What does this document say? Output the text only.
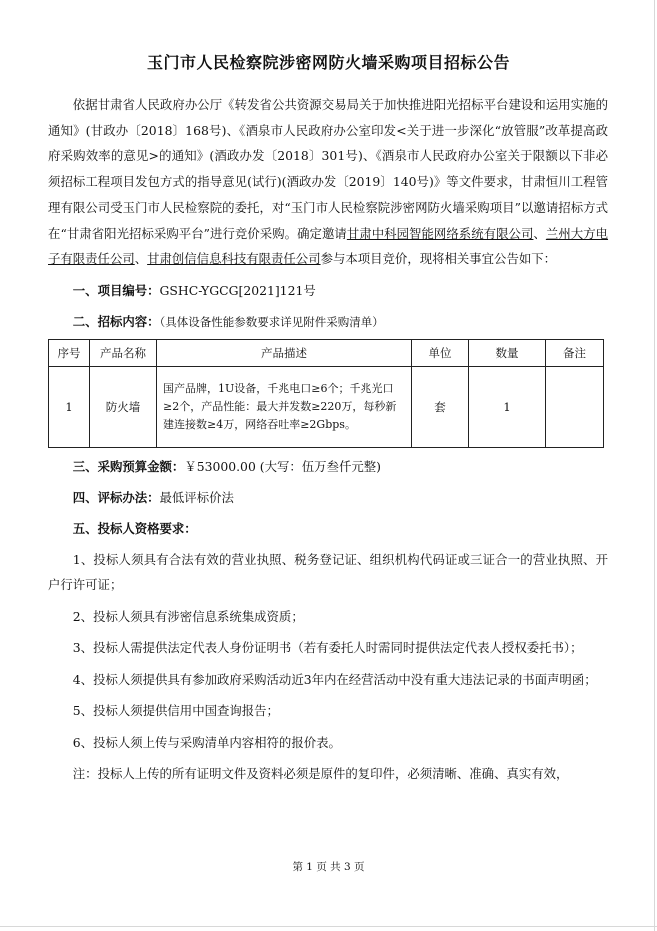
玉门市人民检察院涉密网防火墙采购项目招标公告

依据甘肃省人民政府办公厅《转发省公共资源交易局关于加快推进阳光招标平台建设和运用实施的通知》(甘政办〔2018〕168号)、《酒泉市人民政府办公室印发<关于进一步深化“放管服”改革提高政府采购效率的意见>的通知》(酒政办发〔2018〕301号)、《酒泉市人民政府办公室关于限额以下非必须招标工程项目发包方式的指导意见(试行)(酒政办发〔2019〕140号)》等文件要求，甘肃恒川工程管理有限公司受玉门市人民检察院的委托，对“玉门市人民检察院涉密网防火墙采购项目”以邀请招标方式在“甘肃省阳光招标采购平台”进行竞价采购。确定邀请甘肃中科园智能网络系统有限公司、兰州大方电子有限责任公司、甘肃创信信息科技有限责任公司参与本项目竞价，现将相关事宜公告如下：

一、项目编号：GSHC-YGCG[2021]121号

二、招标内容：（具体设备性能参数要求详见附件采购清单）

序号	产品名称	产品描述	单位	数量	备注
1	防火墙	国产品牌，1U设备，千兆电口≥6个；千兆光口≥2个，产品性能：最大并发数≥220万，每秒新建连接数≥4万，网络吞吐率≥2Gbps。	套	1	

三、采购预算金额：￥53000.00 (大写：伍万叁仟元整)

四、评标办法：最低评标价法

五、投标人资格要求：

1、投标人须具有合法有效的营业执照、税务登记证、组织机构代码证或三证合一的营业执照、开户行许可证；

2、投标人须具有涉密信息系统集成资质；

3、投标人需提供法定代表人身份证明书（若有委托人时需同时提供法定代表人授权委托书）；

4、投标人须提供具有参加政府采购活动近3年内在经营活动中没有重大违法记录的书面声明函；

5、投标人须提供信用中国查询报告；

6、投标人须上传与采购清单内容相符的报价表。

注：投标人上传的所有证明文件及资料必须是原件的复印件，必须清晰、准确、真实有效，

第 1 页 共 3 页
